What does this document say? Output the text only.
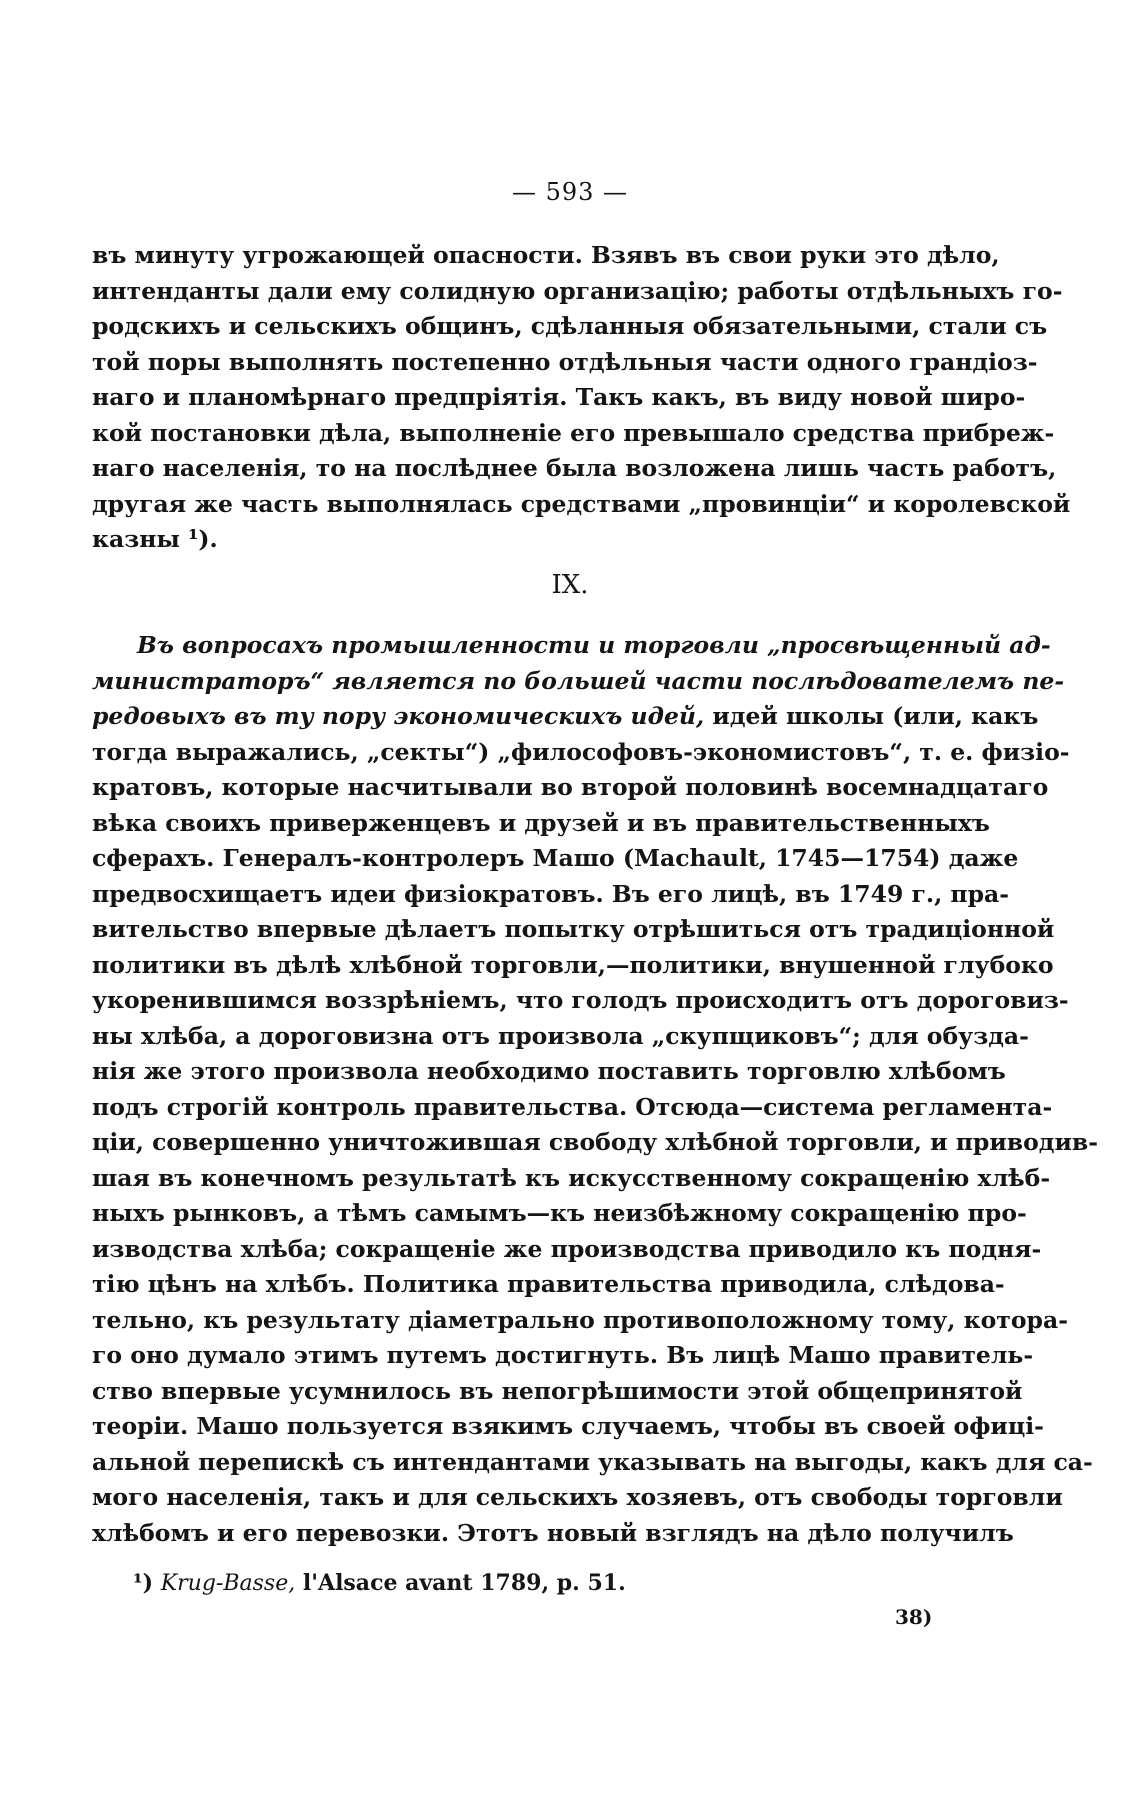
— 593 —
въ минуту угрожающей опасности. Взявъ въ свои руки это дѣло,
интенданты дали ему солидную организацію; работы отдѣльныхъ го-
родскихъ и сельскихъ общинъ, сдѣланныя обязательными, стали съ
той поры выполнять постепенно отдѣльныя части одного грандіоз-
наго и планомѣрнаго предпріятія. Такъ какъ, въ виду новой широ-
кой постановки дѣла, выполненіе его превышало средства прибреж-
наго населенія, то на послѣднее была возложена лишь часть работъ,
другая же часть выполнялась средствами „провинціи“ и королевской
казны ¹).
IX.
Въ вопросахъ промышленности и торговли „просвѣщенный ад-
министраторъ“ является по большей части послѣдователемъ пе-
редовыхъ въ ту пору экономическихъ идей, идей школы (или, какъ
тогда выражались, „секты“) „философовъ-экономистовъ“, т. е. физіо-
кратовъ, которые насчитывали во второй половинѣ восемнадцатаго
вѣка своихъ приверженцевъ и друзей и въ правительственныхъ
сферахъ. Генералъ-контролеръ Машо (Machault, 1745—1754) даже
предвосхищаетъ идеи физіократовъ. Въ его лицѣ, въ 1749 г., пра-
вительство впервые дѣлаетъ попытку отрѣшиться отъ традиціонной
политики въ дѣлѣ хлѣбной торговли,—политики, внушенной глубоко
укоренившимся воззрѣніемъ, что голодъ происходитъ отъ дороговиз-
ны хлѣба, а дороговизна отъ произвола „скупщиковъ“; для обузда-
нія же этого произвола необходимо поставить торговлю хлѣбомъ
подъ строгій контроль правительства. Отсюда—система регламента-
ціи, совершенно уничтожившая свободу хлѣбной торговли, и приводив-
шая въ конечномъ результатѣ къ искусственному сокращенію хлѣб-
ныхъ рынковъ, а тѣмъ самымъ—къ неизбѣжному сокращенію про-
изводства хлѣба; сокращеніе же производства приводило къ подня-
тію цѣнъ на хлѣбъ. Политика правительства приводила, слѣдова-
тельно, къ результату діаметрально противоположному тому, котора-
го оно думало этимъ путемъ достигнуть. Въ лицѣ Машо правитель-
ство впервые усумнилось въ непогрѣшимости этой общепринятой
теоріи. Машо пользуется взякимъ случаемъ, чтобы въ своей офиці-
альной перепискѣ съ интендантами указывать на выгоды, какъ для са-
мого населенія, такъ и для сельскихъ хозяевъ, отъ свободы торговли
хлѣбомъ и его перевозки. Этотъ новый взглядъ на дѣло получилъ
¹) Krug-Basse, l'Alsace avant 1789, p. 51.
38)
